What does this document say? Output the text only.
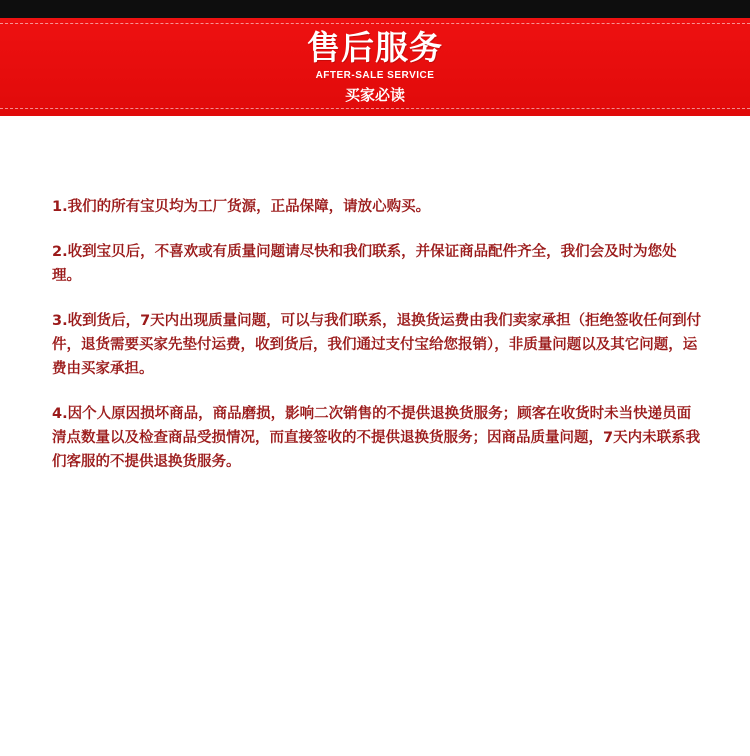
售后服务
AFTER-SALE SERVICE
买家必读

1.我们的所有宝贝均为工厂货源，正品保障，请放心购买。

2.收到宝贝后，不喜欢或有质量问题请尽快和我们联系，并保证商品配件齐全，我们会及时为您处理。

3.收到货后，7天内出现质量问题，可以与我们联系，退换货运费由我们卖家承担（拒绝签收任何到付件，退货需要买家先垫付运费，收到货后，我们通过支付宝给您报销），非质量问题以及其它问题，运费由买家承担。

4.因个人原因损坏商品，商品磨损，影响二次销售的不提供退换货服务；顾客在收货时未当快递员面清点数量以及检查商品受损情况，而直接签收的不提供退换货服务；因商品质量问题，7天内未联系我们客服的不提供退换货服务。
